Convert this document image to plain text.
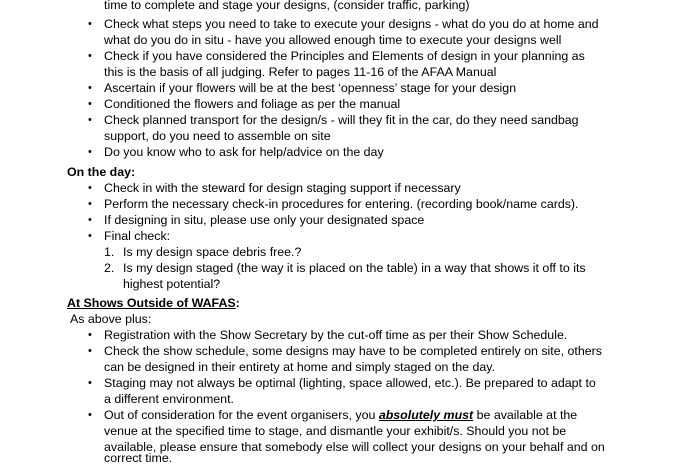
time to complete and stage your designs, (consider traffic, parking)
• Check what steps you need to take to execute your designs - what do you do at home and
what do you do in situ - have you allowed enough time to execute your designs well
• Check if you have considered the Principles and Elements of design in your planning as
this is the basis of all judging. Refer to pages 11-16 of the AFAA Manual
• Ascertain if your flowers will be at the best ‘openness’ stage for your design
• Conditioned the flowers and foliage as per the manual
• Check planned transport for the design/s - will they fit in the car, do they need sandbag
support, do you need to assemble on site
• Do you know who to ask for help/advice on the day
On the day:
• Check in with the steward for design staging support if necessary
• Perform the necessary check-in procedures for entering. (recording book/name cards).
• If designing in situ, please use only your designated space
• Final check:
1. Is my design space debris free.?
2. Is my design staged (the way it is placed on the table) in a way that shows it off to its
highest potential?
At Shows Outside of WAFAS:
As above plus:
• Registration with the Show Secretary by the cut-off time as per their Show Schedule.
• Check the show schedule, some designs may have to be completed entirely on site, others
can be designed in their entirety at home and simply staged on the day.
• Staging may not always be optimal (lighting, space allowed, etc.). Be prepared to adapt to
a different environment.
• Out of consideration for the event organisers, you absolutely must be available at the
venue at the specified time to stage, and dismantle your exhibit/s. Should you not be
available, please ensure that somebody else will collect your designs on your behalf and on
correct time.
